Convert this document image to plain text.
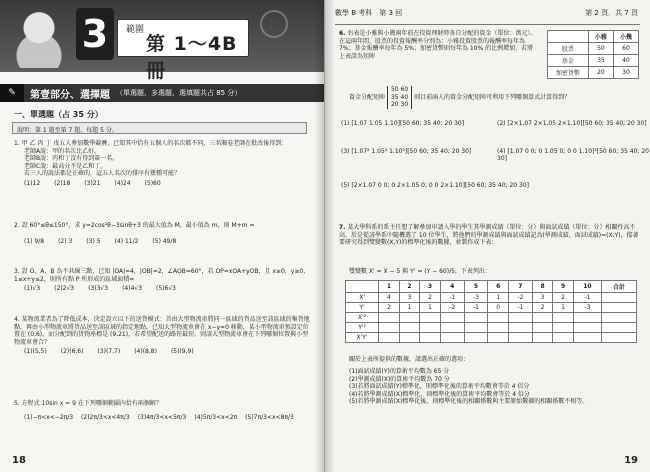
3	範圍
第 1～4B 冊
✎	第壹部分、選擇題 （單選題、多選題、選填題共占 85 分）
一、單選題（占 35 分）
說明：第 1 題至第 7 題，每題 5 分。
1. 甲 乙 丙 丁 戊五人參加數學競賽，已知其中恰有五個人的名次都不同，三名閱卷老師在批改後得到：
老師A說：甲的名次比乙好。
老師B說：丙和丁沒有得到第一名。
老師C說：最高分不是乙和丁。
若三人的說法都是正確的，這五人名次的排序有幾種可能？
(1)12 (2)18 (3)21 (4)24 (5)60
2. 設 60°≤θ≤150°，求 y=2cos²θ−3sinθ+3 的最大值為 M，最小值為 m，則 M+m =
(1) 9/8 (2) 3 (3) 5 (4) 11/2 (5) 49/8
3. 設 O、A、B 為不共線三點，已知 |OA|=4，|OB|=2，∠AOB=60°，若 OP=xOA+yOB，且 x≥0，y≥0，1≤x+y≤2，則所有點 P 所形成的區域面積=
(1)√3 (2)2√3 (3)3√3 (4)4√3 (5)6√3
4. 某物流業者為了降低成本，決定設立以下的送貨模式：首由大型物流車將同一區域的貨品送至該區域的集貨地點，再由小型物流車將貨品送至該區域的指定地點，已知大型物流車會在 x−y=0 移動，某小型物流車預設定位置在 (0,6)，而分配到的貨物座標是 (9,21)，若希望配送的路徑最短，則該大型物流車會在下列哪個位置與小型物流車會合？
(1)(5,5) (2)(6,6) (3)(7,7) (4)(8,8) (5)(9,9)
5. 方程式 10sin x = 9 在下列哪個範圍內恰有兩個解？
(1)−π<x<−2π/3 (2)2π/3<x<4π/3 (3)4π/3<x<5π/3 (4)5π/3<x<2π (5)7π/3<x<8π/3
18
數學 B 考科　第 3 回	第 2 頁．共 7 頁
6. 右表是小雅與小幾兩年前在投資理財時各自分配的資金（單位：萬元）。在這兩年間，股票的投資報酬率分別為：小雅投資股票的報酬率每年為 7%；基金報酬率每年為 5%；加密貨幣則每年為 10% 的比例增加，若將上表設為矩陣
	小雅	小幾
股票	50	60
基金	35	40
加密貨幣	20	30
資金分配矩陣 50 60
35 40
20 30 則目前兩人的資金分配矩陣可利用下列哪個算式計算得到？
(1) [1.07 1.05 1.10][50 60; 35 40; 20 30]	(2) [2×1.07 2×1.05 2×1.10][50 60; 35 40; 20 30]
(3) [1.07² 1.05² 1.10²][50 60; 35 40; 20 30]	(4) [1.07 0 0; 0 1.05 0; 0 0 1.10]²[50 60; 35 40; 20 30]
(5) [2×1.07 0 0; 0 2×1.05 0; 0 0 2×1.10][50 60; 35 40; 20 30]
7. 某大學科系的系主任想了解參加申請入學的學生其學測成績（單位：分）與面試成績（單位：分）相關性高不高，於是從該學系中隨機選了 10 位學生，將他們的學測成績與面試成績記為(學測成績，面試成績)=(X,Y)，接著要研究得到雙變數(X,Y)的標準化後的數據，並製作成下表：
雙變數 X' = X − 5 與 Y' = (Y − 60)/5，下表列出：
	1	2	3	4	5	6	7	8	9	10	合計
X'	4	3	2	-1	-3	1	-2	3	2	-1	
Y'	2	1	1	-2	-1	0	-1	2	1	-3	
X'²											
Y'²											
X'Y'											
關於上表所提供的數據，請選出正確的選項：
(1)面試成績(Y)的算術平均數為 65 分
(2)學測成績(X)的算術平均數為 70 分
(3)若將面試成績(Y)標準化，則標準化後的算術平均數會等於 4 倍分
(4)若將學測成績(X)標準化，則標準化後的算術平均數會等於 4 倍分
(5)若將學測成績(X)標準化後，則標準化後的相關係數與主要原始數據的相關係數不相等。
19
